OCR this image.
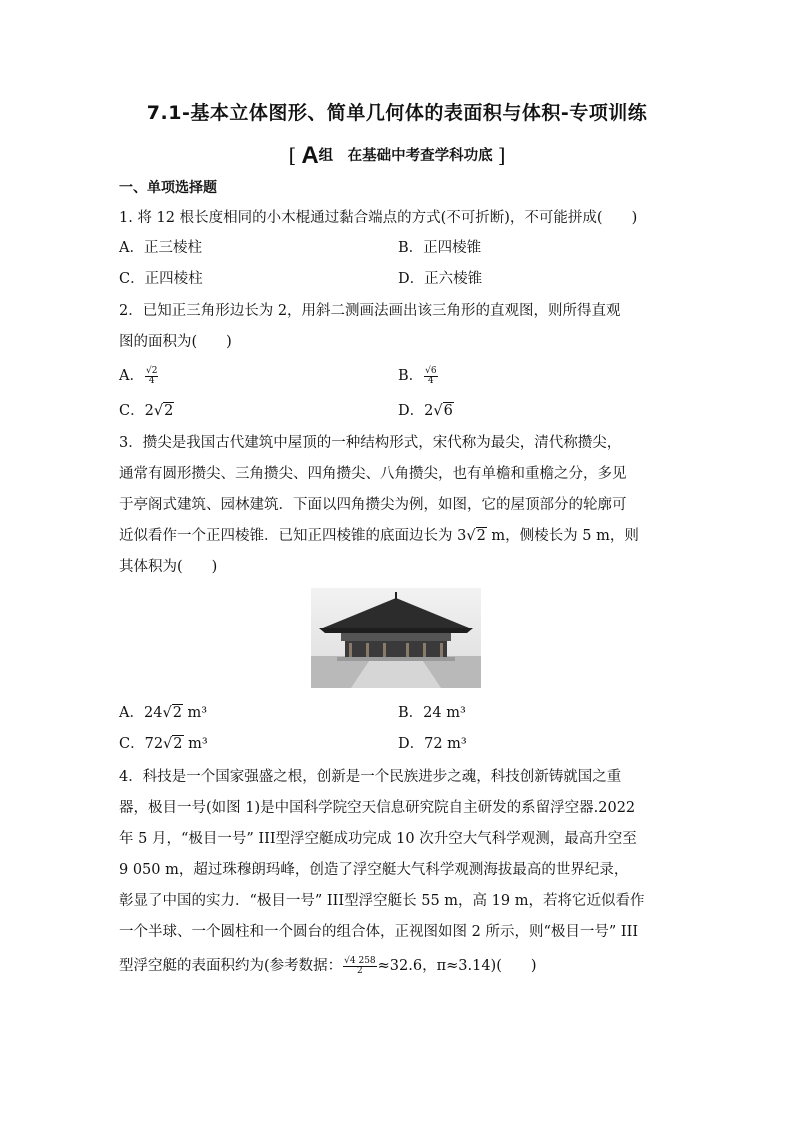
7.1-基本立体图形、简单几何体的表面积与体积-专项训练
[ A组　在基础中考查学科功底 ]
一、单项选择题
1. 将 12 根长度相同的小木棍通过黏合端点的方式(不可折断)，不可能拼成(　　)
A．正三棱柱	B．正四棱锥
C．正四棱柱	D．正六棱锥
2．已知正三角形边长为 2，用斜二测画法画出该三角形的直观图，则所得直观
图的面积为(　　)
A． $\frac{√2}{4}$	B． $\frac{√6}{4}$
C．2√2	D．2√6
3．攒尖是我国古代建筑中屋顶的一种结构形式，宋代称为最尖，清代称攒尖，
通常有圆形攒尖、三角攒尖、四角攒尖、八角攒尖，也有单檐和重檐之分，多见
于亭阁式建筑、园林建筑．下面以四角攒尖为例，如图，它的屋顶部分的轮廓可
近似看作一个正四棱锥．已知正四棱锥的底面边长为 3√2 m，侧棱长为 5 m，则
其体积为(　　)
A．24√2 m³	B．24 m³
C．72√2 m³	D．72 m³
4．科技是一个国家强盛之根，创新是一个民族进步之魂，科技创新铸就国之重
器，极目一号(如图 1)是中国科学院空天信息研究院自主研发的系留浮空器.2022
年 5 月，“极目一号” III型浮空艇成功完成 10 次升空大气科学观测，最高升空至
9 050 m，超过珠穆朗玛峰，创造了浮空艇大气科学观测海拔最高的世界纪录，
彰显了中国的实力．“极目一号” III型浮空艇长 55 m，高 19 m，若将它近似看作
一个半球、一个圆柱和一个圆台的组合体，正视图如图 2 所示，则“极目一号” III
型浮空艇的表面积约为(参考数据： $\frac{√4 258}{2} \approx 32.6$，π≈3.14)(　　)
